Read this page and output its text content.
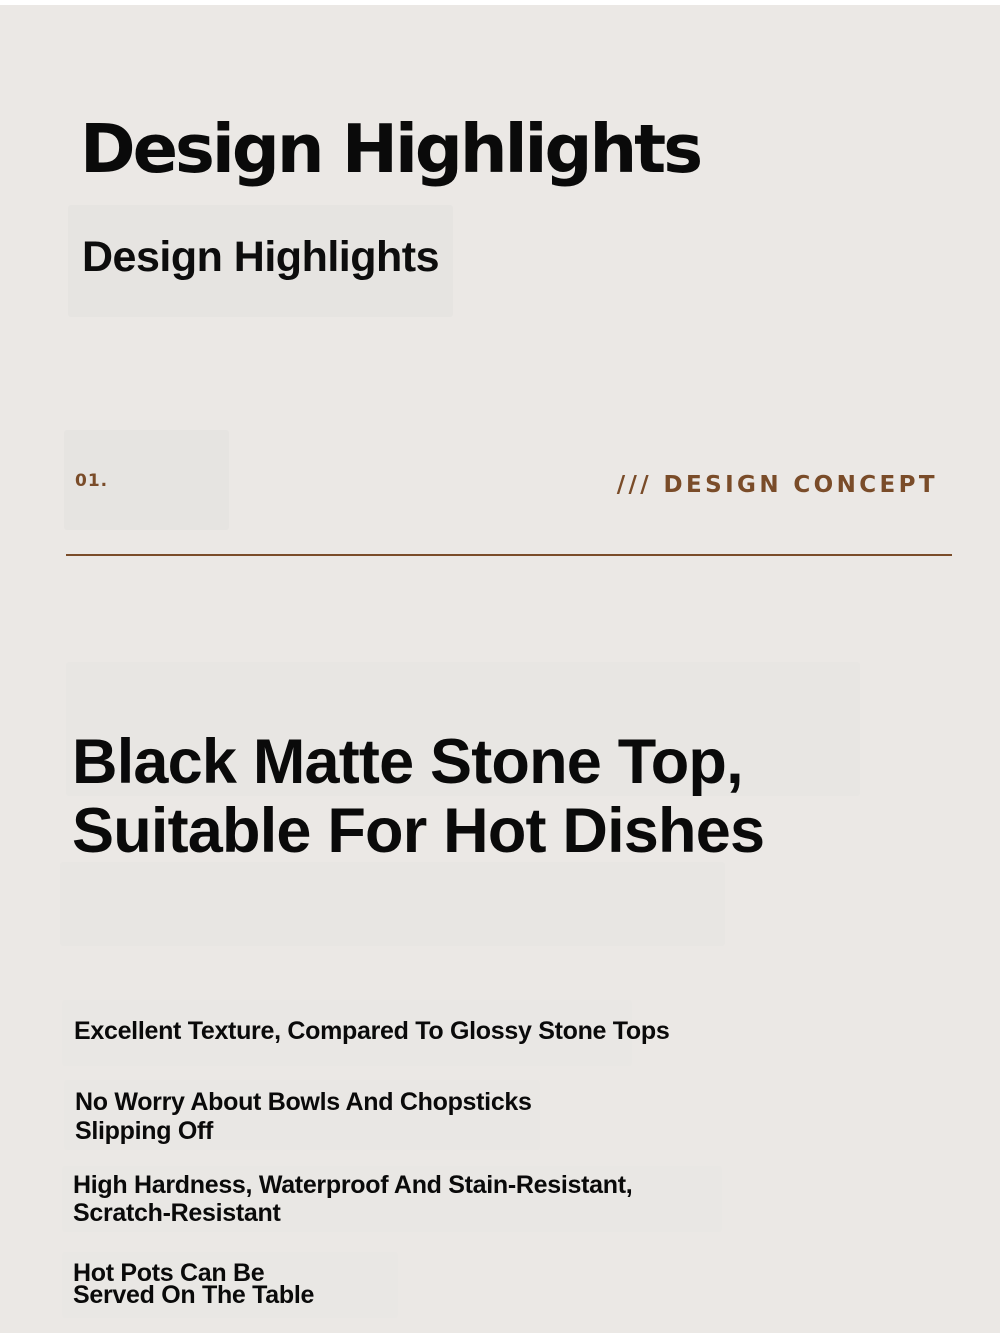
Design Highlights
Design Highlights
01.	/// DESIGN CONCEPT
Black Matte Stone Top,
Suitable For Hot Dishes

Excellent Texture, Compared To Glossy Stone Tops

No Worry About Bowls And Chopsticks
Slipping Off

High Hardness, Waterproof And Stain-Resistant,
Scratch-Resistant

Hot Pots Can Be
Served On The Table
